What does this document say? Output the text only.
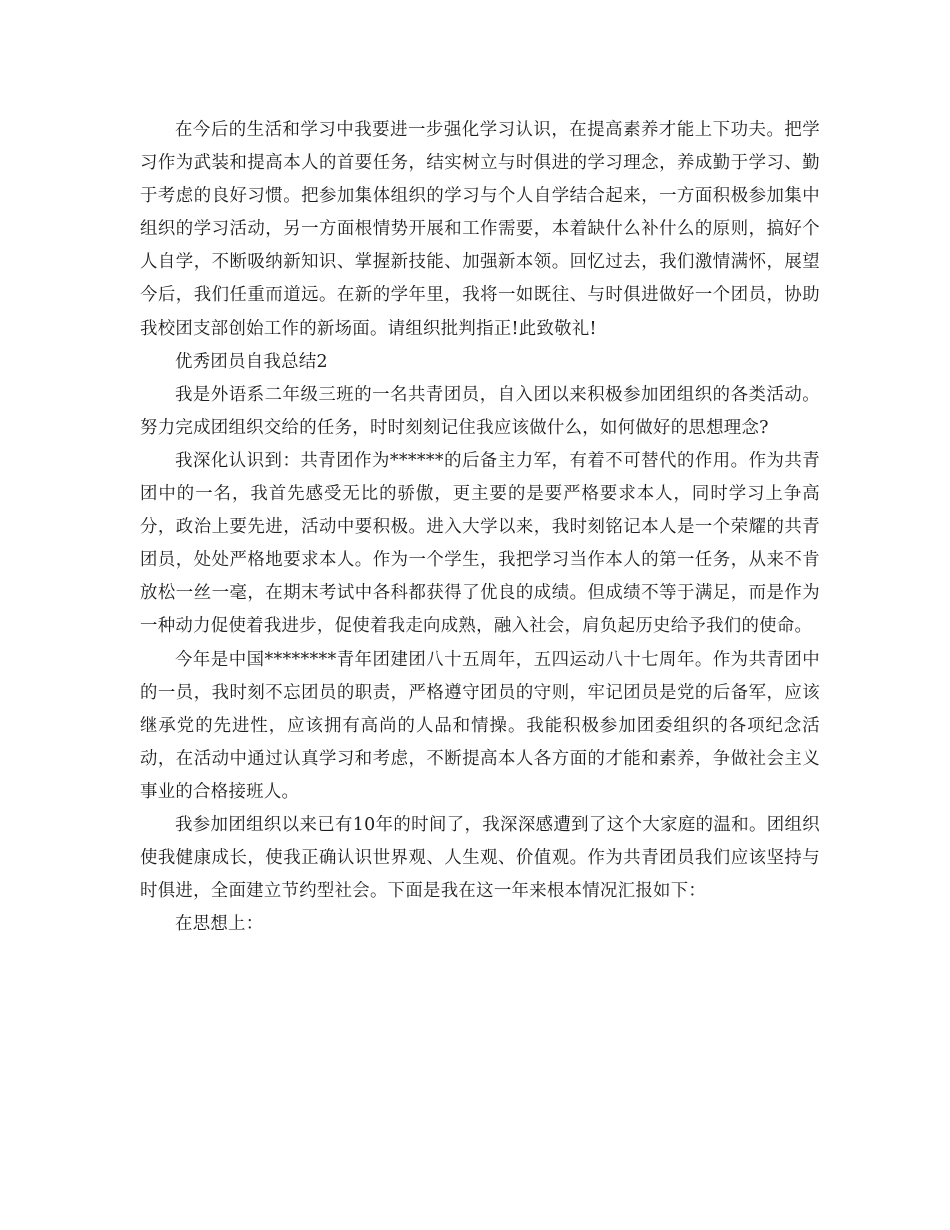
在今后的生活和学习中我要进一步强化学习认识，在提高素养才能上下功夫。把学习作为武装和提高本人的首要任务，结实树立与时俱进的学习理念，养成勤于学习、勤于考虑的良好习惯。把参加集体组织的学习与个人自学结合起来，一方面积极参加集中组织的学习活动，另一方面根情势开展和工作需要，本着缺什么补什么的原则，搞好个人自学，不断吸纳新知识、掌握新技能、加强新本领。回忆过去，我们激情满怀，展望今后，我们任重而道远。在新的学年里，我将一如既往、与时俱进做好一个团员，协助我校团支部创始工作的新场面。请组织批判指正!此致敬礼!

优秀团员自我总结2

我是外语系二年级三班的一名共青团员，自入团以来积极参加团组织的各类活动。努力完成团组织交给的任务，时时刻刻记住我应该做什么，如何做好的思想理念?

我深化认识到：共青团作为******的后备主力军，有着不可替代的作用。作为共青团中的一名，我首先感受无比的骄傲，更主要的是要严格要求本人，同时学习上争高分，政治上要先进，活动中要积极。进入大学以来，我时刻铭记本人是一个荣耀的共青团员，处处严格地要求本人。作为一个学生，我把学习当作本人的第一任务，从来不肯放松一丝一毫，在期末考试中各科都获得了优良的成绩。但成绩不等于满足，而是作为一种动力促使着我进步，促使着我走向成熟，融入社会，肩负起历史给予我们的使命。

今年是中国********青年团建团八十五周年，五四运动八十七周年。作为共青团中的一员，我时刻不忘团员的职责，严格遵守团员的守则，牢记团员是党的后备军，应该继承党的先进性，应该拥有高尚的人品和情操。我能积极参加团委组织的各项纪念活动，在活动中通过认真学习和考虑，不断提高本人各方面的才能和素养，争做社会主义事业的合格接班人。

我参加团组织以来已有10年的时间了，我深深感遭到了这个大家庭的温和。团组织使我健康成长，使我正确认识世界观、人生观、价值观。作为共青团员我们应该坚持与时俱进，全面建立节约型社会。下面是我在这一年来根本情况汇报如下：

在思想上：
